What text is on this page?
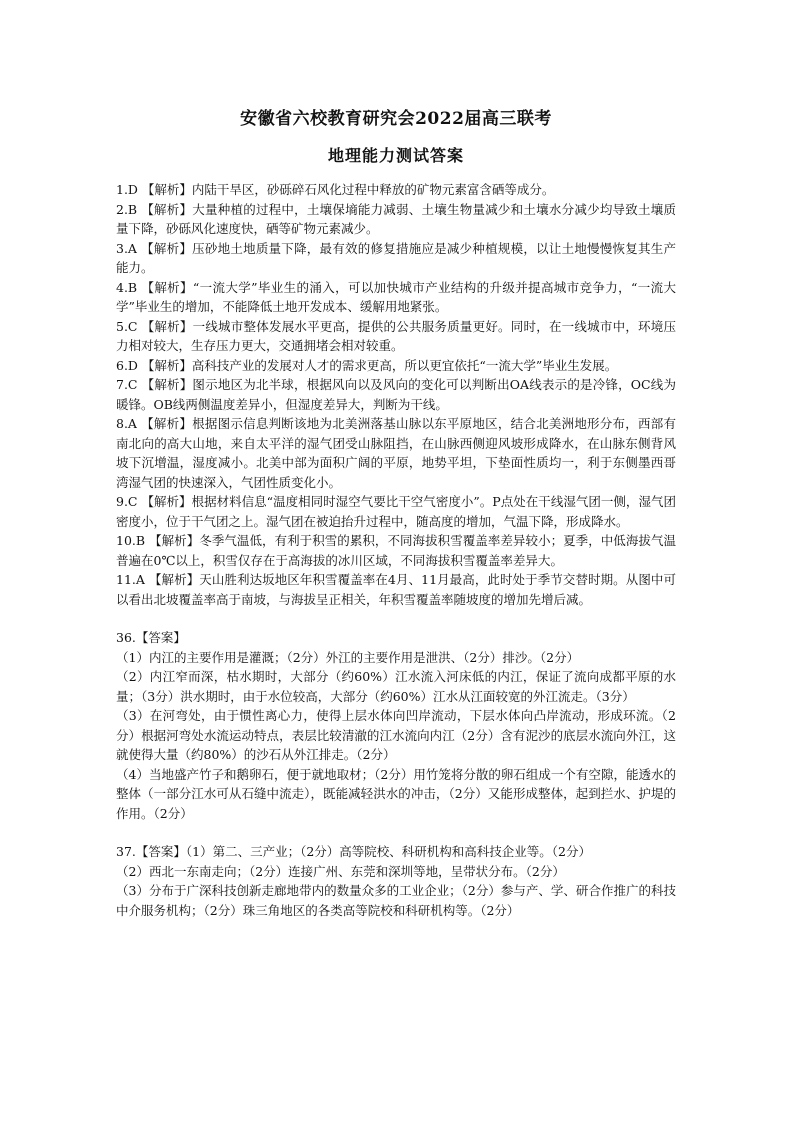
安徽省六校教育研究会2022届高三联考
地理能力测试答案

1.D 【解析】内陆干旱区，砂砾碎石风化过程中释放的矿物元素富含硒等成分。

2.B 【解析】大量种植的过程中，土壤保墒能力减弱、土壤生物量减少和土壤水分减少均导致土壤质量下降，砂砾风化速度快，硒等矿物元素减少。

3.A 【解析】压砂地土地质量下降，最有效的修复措施应是减少种植规模，以让土地慢慢恢复其生产能力。

4.B 【解析】“一流大学”毕业生的涌入，可以加快城市产业结构的升级并提高城市竞争力，“一流大学”毕业生的增加，不能降低土地开发成本、缓解用地紧张。

5.C 【解析】一线城市整体发展水平更高，提供的公共服务质量更好。同时，在一线城市中，环境压力相对较大，生存压力更大，交通拥堵会相对较重。

6.D 【解析】高科技产业的发展对人才的需求更高，所以更宜依托“一流大学”毕业生发展。

7.C 【解析】图示地区为北半球，根据风向以及风向的变化可以判断出OA线表示的是冷锋，OC线为暖锋。OB线两侧温度差异小，但湿度差异大，判断为干线。

8.A 【解析】根据图示信息判断该地为北美洲落基山脉以东平原地区，结合北美洲地形分布，西部有南北向的高大山地，来自太平洋的湿气团受山脉阻挡，在山脉西侧迎风坡形成降水，在山脉东侧背风坡下沉增温，湿度减小。北美中部为面积广阔的平原，地势平坦，下垫面性质均一，利于东侧墨西哥湾湿气团的快速深入，气团性质变化小。

9.C 【解析】根据材料信息“温度相同时湿空气要比干空气密度小”。P点处在干线湿气团一侧，湿气团密度小，位于干气团之上。湿气团在被迫抬升过程中，随高度的增加，气温下降，形成降水。

10.B 【解析】冬季气温低，有利于积雪的累积，不同海拔积雪覆盖率差异较小；夏季，中低海拔气温普遍在0℃以上，积雪仅存在于高海拔的冰川区域，不同海拔积雪覆盖率差异大。

11.A 【解析】天山胜利达坂地区年积雪覆盖率在4月、11月最高，此时处于季节交替时期。从图中可以看出北坡覆盖率高于南坡，与海拔呈正相关，年积雪覆盖率随坡度的增加先增后减。

36.【答案】

（1）内江的主要作用是灌溉；（2分）外江的主要作用是泄洪、（2分）排沙。（2分）

（2）内江窄而深，枯水期时，大部分（约60%）江水流入河床低的内江，保证了流向成都平原的水量；（3分）洪水期时，由于水位较高，大部分（约60%）江水从江面较宽的外江流走。（3分）

（3）在河弯处，由于惯性离心力，使得上层水体向凹岸流动，下层水体向凸岸流动，形成环流。（2分）根据河弯处水流运动特点，表层比较清澈的江水流向内江（2分）含有泥沙的底层水流向外江，这就使得大量（约80%）的沙石从外江排走。（2分）

（4）当地盛产竹子和鹅卵石，便于就地取材；（2分）用竹笼将分散的卵石组成一个有空隙，能透水的整体（一部分江水可从石缝中流走），既能减轻洪水的冲击，（2分）又能形成整体，起到拦水、护堤的作用。（2分）

37.【答案】（1）第二、三产业；（2分）高等院校、科研机构和高科技企业等。（2分）

（2）西北一东南走向；（2分）连接广州、东莞和深圳等地，呈带状分布。（2分）

（3）分布于广深科技创新走廊地带内的数量众多的工业企业；（2分）参与产、学、研合作推广的科技中介服务机构；（2分）珠三角地区的各类高等院校和科研机构等。（2分）
